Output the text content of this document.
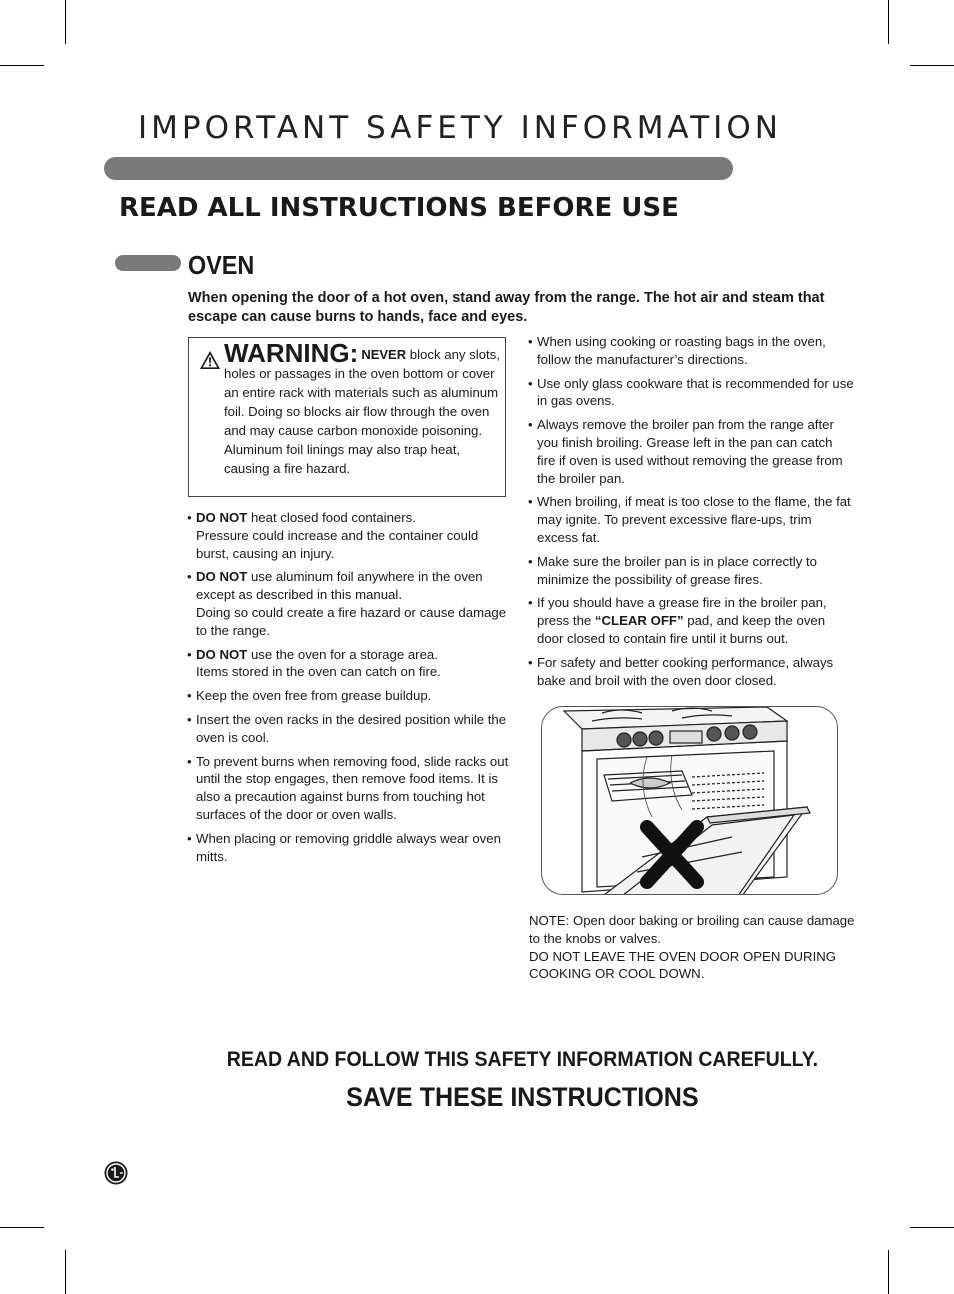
IMPORTANT SAFETY INFORMATION
READ ALL INSTRUCTIONS BEFORE USE
OVEN
When opening the door of a hot oven, stand away from the range. The hot air and steam that escape can cause burns to hands, face and eyes.
WARNING: NEVER block any slots, holes or passages in the oven bottom or cover an entire rack with materials such as aluminum foil. Doing so blocks air flow through the oven and may cause carbon monoxide poisoning. Aluminum foil linings may also trap heat, causing a fire hazard.
• DO NOT heat closed food containers.
Pressure could increase and the container could burst, causing an injury.
• DO NOT use aluminum foil anywhere in the oven except as described in this manual.
Doing so could create a fire hazard or cause damage to the range.
• DO NOT use the oven for a storage area.
Items stored in the oven can catch on fire.
• Keep the oven free from grease buildup.
• Insert the oven racks in the desired position while the oven is cool.
• To prevent burns when removing food, slide racks out until the stop engages, then remove food items. It is also a precaution against burns from touching hot surfaces of the door or oven walls.
• When placing or removing griddle always wear oven mitts.
• When using cooking or roasting bags in the oven, follow the manufacturer’s directions.
• Use only glass cookware that is recommended for use in gas ovens.
• Always remove the broiler pan from the range after you finish broiling. Grease left in the pan can catch fire if oven is used without removing the grease from the broiler pan.
• When broiling, if meat is too close to the flame, the fat may ignite. To prevent excessive flare-ups, trim excess fat.
• Make sure the broiler pan is in place correctly to minimize the possibility of grease fires.
• If you should have a grease fire in the broiler pan, press the “CLEAR OFF” pad, and keep the oven door closed to contain fire until it burns out.
• For safety and better cooking performance, always bake and broil with the oven door closed.
NOTE: Open door baking or broiling can cause damage to the knobs or valves.
DO NOT LEAVE THE OVEN DOOR OPEN DURING COOKING OR COOL DOWN.
READ AND FOLLOW THIS SAFETY INFORMATION CAREFULLY.
SAVE THESE INSTRUCTIONS
